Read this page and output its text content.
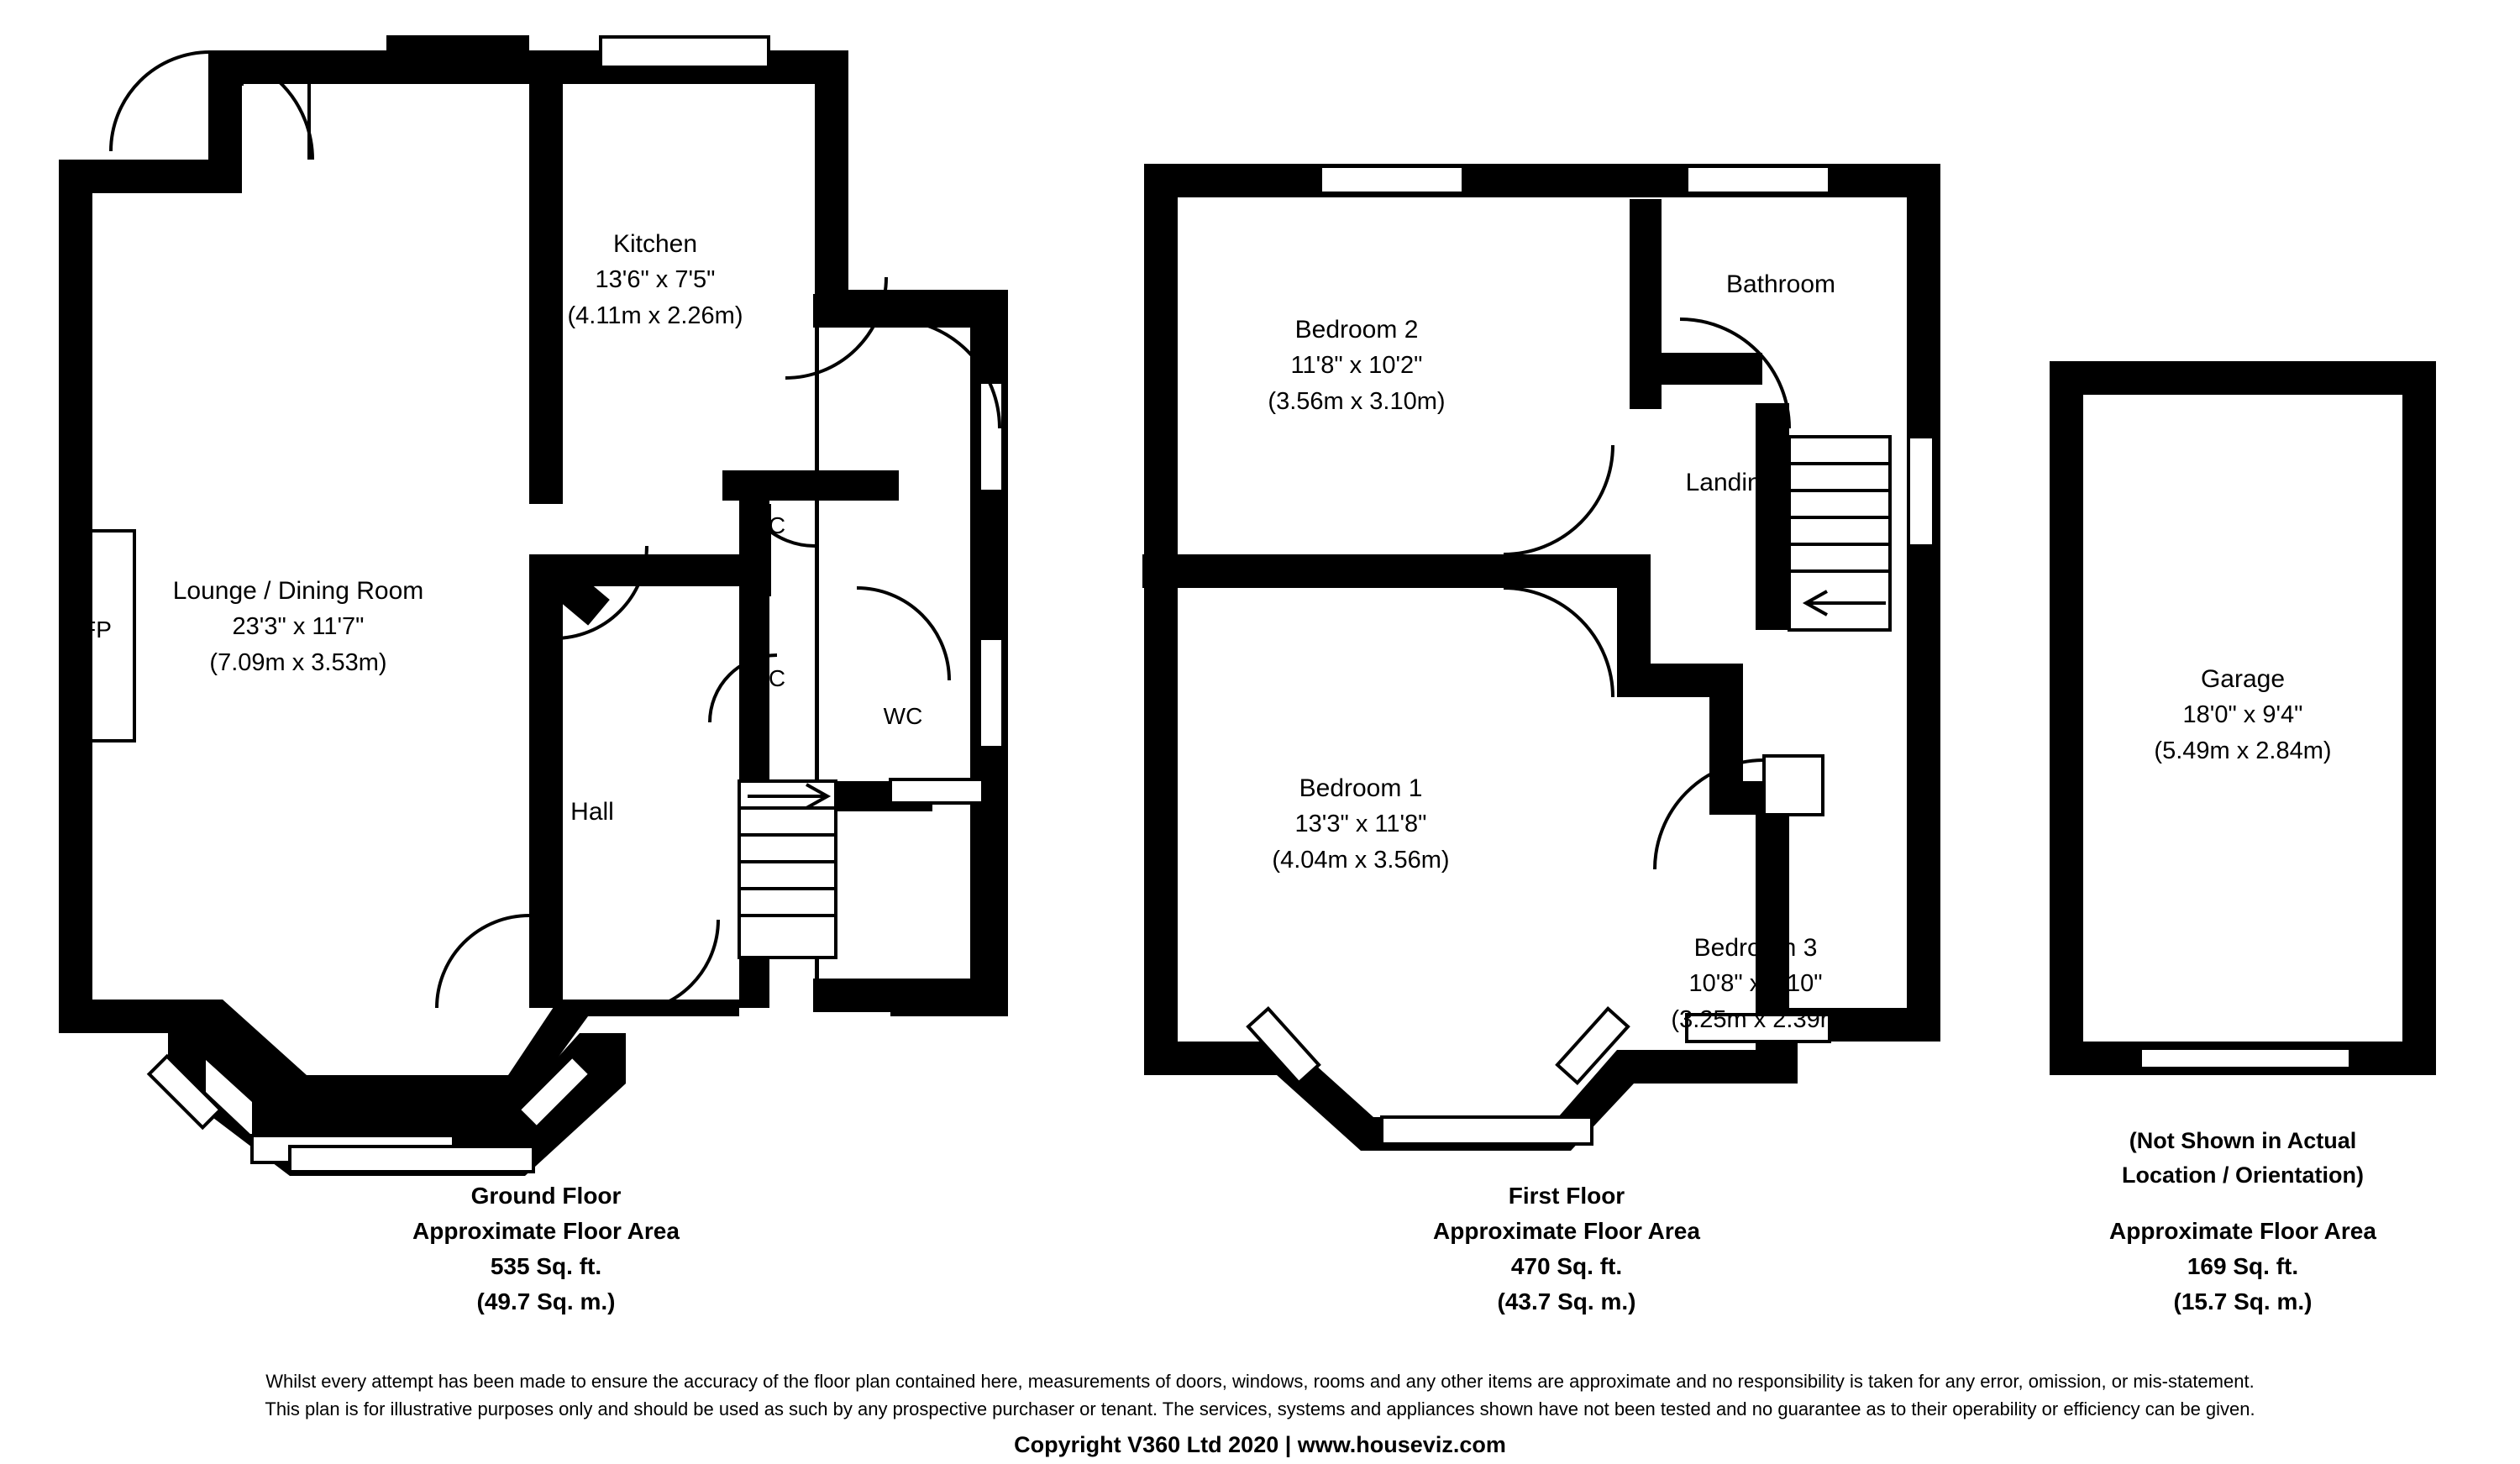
Kitchen
13'6" x 7'5"
(4.11m x 2.26m)
Lounge / Dining Room
23'3" x 11'7"
(7.09m x 3.53m)
Hall
WC
FP
C
C
Bedroom 2
11'8" x 10'2"
(3.56m x 3.10m)
Bathroom
Landing
Bedroom 1
13'3" x 11'8"
(4.04m x 3.56m)
Bedroom 3
10'8" x 7'10"
(3.25m x 2.39m)
Garage
18'0" x 9'4"
(5.49m x 2.84m)
Ground Floor
Approximate Floor Area
535 Sq. ft.
(49.7 Sq. m.)
First Floor
Approximate Floor Area
470 Sq. ft.
(43.7 Sq. m.)
(Not Shown in Actual
Location / Orientation)
Approximate Floor Area
169 Sq. ft.
(15.7 Sq. m.)
Whilst every attempt has been made to ensure the accuracy of the floor plan contained here, measurements of doors, windows, rooms and any other items are approximate and no responsibility is taken for any error, omission, or mis-statement.
This plan is for illustrative purposes only and should be used as such by any prospective purchaser or tenant. The services, systems and appliances shown have not been tested and no guarantee as to their operability or efficiency can be given.
Copyright V360 Ltd 2020 | www.houseviz.com
